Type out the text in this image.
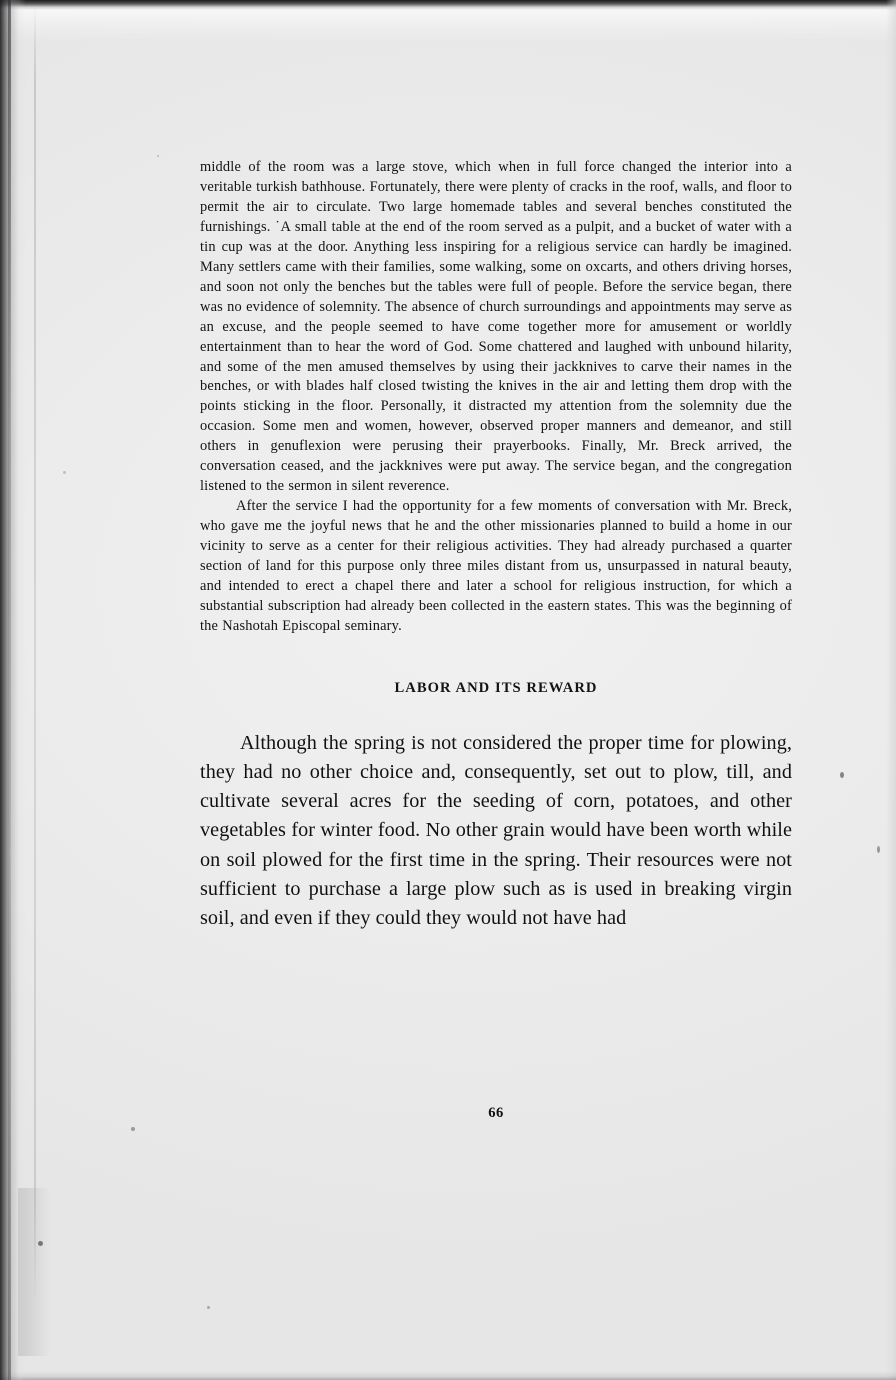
middle of the room was a large stove, which when in full force changed the interior into a veritable turkish bathhouse. Fortunately, there were plenty of cracks in the roof, walls, and floor to permit the air to circulate. Two large homemade tables and several benches constituted the furnishings. ˙A small table at the end of the room served as a pulpit, and a bucket of water with a tin cup was at the door. Anything less inspiring for a religious service can hardly be imagined. Many settlers came with their families, some walking, some on oxcarts, and others driving horses, and soon not only the benches but the tables were full of people. Before the service began, there was no evidence of solemnity. The absence of church surroundings and appointments may serve as an excuse, and the people seemed to have come together more for amusement or worldly entertainment than to hear the word of God. Some chattered and laughed with unbound hilarity, and some of the men amused themselves by using their jackknives to carve their names in the benches, or with blades half closed twisting the knives in the air and letting them drop with the points sticking in the floor. Personally, it distracted my attention from the solemnity due the occasion. Some men and women, however, observed proper manners and demeanor, and still others in genuflexion were perusing their prayerbooks. Finally, Mr. Breck arrived, the conversation ceased, and the jackknives were put away. The service began, and the congregation listened to the sermon in silent reverence.

After the service I had the opportunity for a few moments of conversation with Mr. Breck, who gave me the joyful news that he and the other missionaries planned to build a home in our vicinity to serve as a center for their religious activities. They had already purchased a quarter section of land for this purpose only three miles distant from us, unsurpassed in natural beauty, and intended to erect a chapel there and later a school for religious instruction, for which a substantial subscription had already been collected in the eastern states. This was the beginning of the Nashotah Episcopal seminary.

LABOR AND ITS REWARD

Although the spring is not considered the proper time for plowing, they had no other choice and, consequently, set out to plow, till, and cultivate several acres for the seeding of corn, potatoes, and other vegetables for winter food. No other grain would have been worth while on soil plowed for the first time in the spring. Their resources were not sufficient to purchase a large plow such as is used in breaking virgin soil, and even if they could they would not have had

66
